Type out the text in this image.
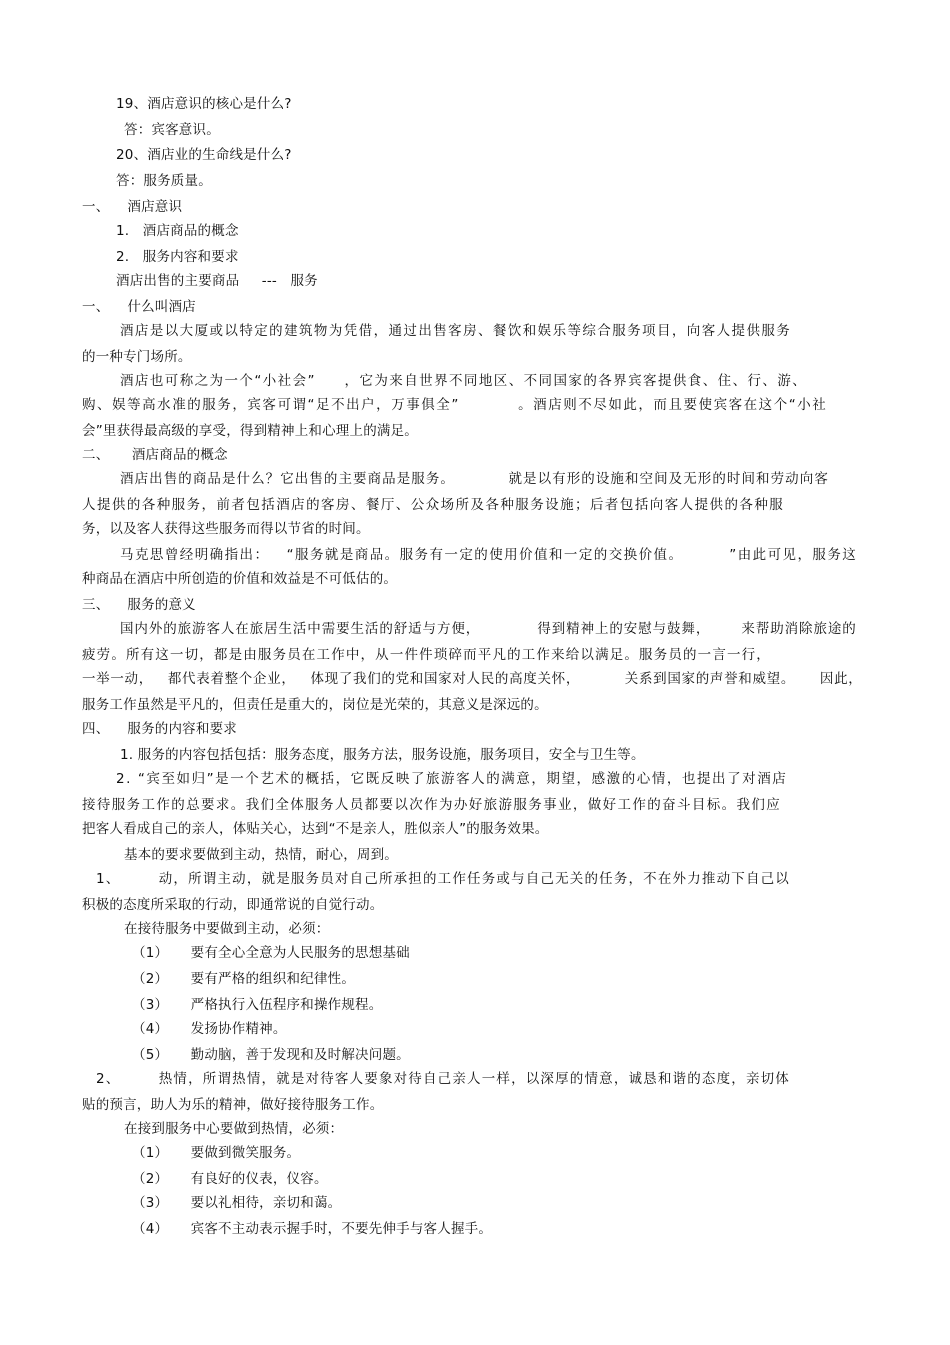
19、酒店意识的核心是什么?
答：宾客意识。
20、酒店业的生命线是什么?
答：服务质量。
一、    酒店意识
1.   酒店商品的概念
2.   服务内容和要求
酒店出售的主要商品     ---   服务
一、    什么叫酒店
酒店是以大厦或以特定的建筑物为凭借，通过出售客房、餐饮和娱乐等综合服务项目，向客人提供服务
的一种专门场所。
酒店也可称之为一个“小社会”     ，它为来自世界不同地区、不同国家的各界宾客提供食、住、行、游、
购、娱等高水准的服务，宾客可谓“足不出户，万事俱全”          。酒店则不尽如此，而且要使宾客在这个“小社
会”里获得最高级的享受，得到精神上和心理上的满足。
二、     酒店商品的概念
酒店出售的商品是什么？它出售的主要商品是服务。          就是以有形的设施和空间及无形的时间和劳动向客
人提供的各种服务，前者包括酒店的客房、餐厅、公众场所及各种服务设施；后者包括向客人提供的各种服
务，以及客人获得这些服务而得以节省的时间。
马克思曾经明确指出：   “服务就是商品。服务有一定的使用价值和一定的交换价值。        ”由此可见，服务这
种商品在酒店中所创造的价值和效益是不可低估的。
三、    服务的意义
国内外的旅游客人在旅居生活中需要生活的舒适与方便，           得到精神上的安慰与鼓舞，      来帮助消除旅途的
疲劳。所有这一切，都是由服务员在工作中，从一件件琐碎而平凡的工作来给以满足。服务员的一言一行，
一举一动，   都代表着整个企业，   体现了我们的党和国家对人民的高度关怀，         关系到国家的声誉和威望。     因此，
服务工作虽然是平凡的，但责任是重大的，岗位是光荣的，其意义是深远的。
四、    服务的内容和要求
1. 服务的内容包括包括：服务态度，服务方法，服务设施，服务项目，安全与卫生等。
2. “宾至如归”是一个艺术的概括，它既反映了旅游客人的满意，期望，感激的心情，也提出了对酒店
接待服务工作的总要求。我们全体服务人员都要以次作为办好旅游服务事业，做好工作的奋斗目标。我们应
把客人看成自己的亲人，体贴关心，达到“不是亲人，胜似亲人”的服务效果。
基本的要求要做到主动，热情，耐心，周到。
1、       动，所谓主动，就是服务员对自己所承担的工作任务或与自己无关的任务，不在外力推动下自己以
积极的态度所采取的行动，即通常说的自觉行动。
在接待服务中要做到主动，必须：
（1）     要有全心全意为人民服务的思想基础
（2）     要有严格的组织和纪律性。
（3）     严格执行入伍程序和操作规程。
（4）     发扬协作精神。
（5）     勤动脑，善于发现和及时解决问题。
2、       热情，所谓热情，就是对待客人要象对待自己亲人一样，以深厚的情意，诚恳和谐的态度，亲切体
贴的预言，助人为乐的精神，做好接待服务工作。
在接到服务中心要做到热情，必须：
（1）     要做到微笑服务。
（2）     有良好的仪表，仪容。
（3）     要以礼相待，亲切和蔼。
（4）     宾客不主动表示握手时，不要先伸手与客人握手。
